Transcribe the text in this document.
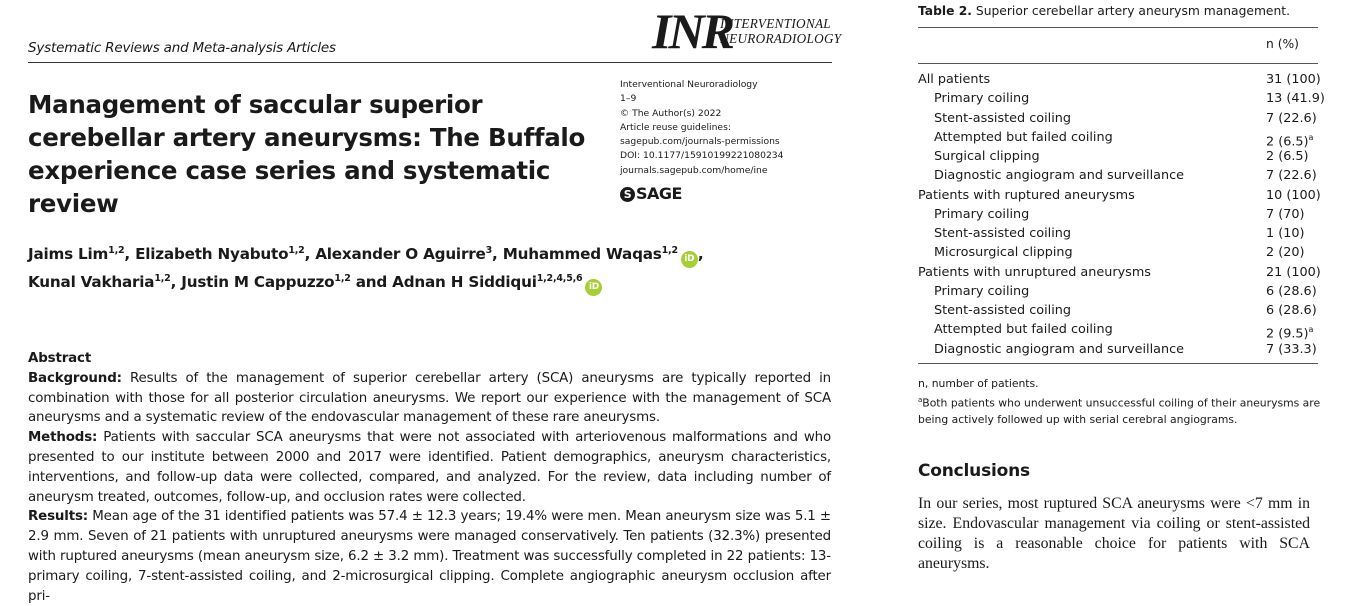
Systematic Reviews and Meta-analysis Articles	INR
INTERVENTIONAL
NEURORADIOLOGY
Management of saccular superior cerebellar artery aneurysms: The Buffalo experience case series and systematic review
Interventional Neuroradiology
1–9
© The Author(s) 2022
Article reuse guidelines:
sagepub.com/journals-permissions
DOI: 10.1177/15910199221080234
journals.sagepub.com/home/ine
S SAGE
Jaims Lim$^{1,2}$, Elizabeth Nyabuto$^{1,2}$, Alexander O Aguirre$^3$, Muhammed Waqas$^{1,2}$iD ,
Kunal Vakharia$^{1,2}$, Justin M Cappuzzo$^{1,2}$ and Adnan H Siddiqui$^{1,2,4,5,6}$iD
Abstract

Background: Results of the management of superior cerebellar artery (SCA) aneurysms are typically reported in combination with those for all posterior circulation aneurysms. We report our experience with the management of SCA aneurysms and a systematic review of the endovascular management of these rare aneurysms.

Methods: Patients with saccular SCA aneurysms that were not associated with arteriovenous malformations and who presented to our institute between 2000 and 2017 were identified. Patient demographics, aneurysm characteristics, interventions, and follow-up data were collected, compared, and analyzed. For the review, data including number of aneurysm treated, outcomes, follow-up, and occlusion rates were collected.

Results: Mean age of the 31 identified patients was 57.4 ± 12.3 years; 19.4% were men. Mean aneurysm size was 5.1 ± 2.9 mm. Seven of 21 patients with unruptured aneurysms were managed conservatively. Ten patients (32.3%) presented with ruptured aneurysms (mean aneurysm size, 6.2 ± 3.2 mm). Treatment was successfully completed in 22 patients: 13-primary coiling, 7-stent-assisted coiling, and 2-microsurgical clipping. Complete angiographic aneurysm occlusion after pri-

Table 2. Superior cerebellar artery aneurysm management.
n (%)
All patients	31 (100)
Primary coiling	13 (41.9)
Stent-assisted coiling	7 (22.6)
Attempted but failed coiling	2 $(6.5)^a$
Surgical clipping	2 (6.5)
Diagnostic angiogram and surveillance	7 (22.6)
Patients with ruptured aneurysms	10 (100)
Primary coiling	7 (70)
Stent-assisted coiling	1 (10)
Microsurgical clipping	2 (20)
Patients with unruptured aneurysms	21 (100)
Primary coiling	6 (28.6)
Stent-assisted coiling	6 (28.6)
Attempted but failed coiling	2 $(9.5)^a$
Diagnostic angiogram and surveillance	7 (33.3)
n, number of patients.
$^a$Both patients who underwent unsuccessful coiling of their aneurysms are being actively followed up with serial cerebral angiograms.
Conclusions
In our series, most ruptured SCA aneurysms were <7 mm in size. Endovascular management via coiling or stent-assisted coiling is a reasonable choice for patients with SCA aneurysms.
